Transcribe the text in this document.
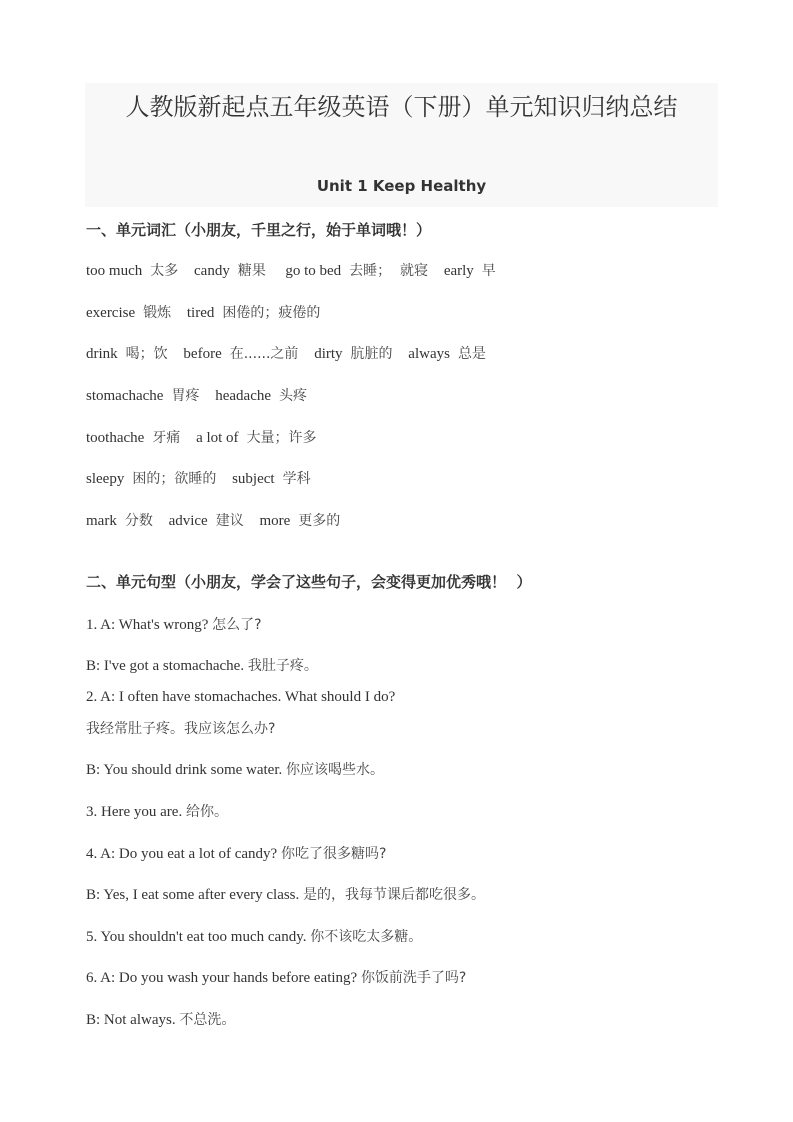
人教版新起点五年级英语（下册）单元知识归纳总结
Unit 1 Keep Healthy
一、单元词汇（小朋友，千里之行，始于单词哦！）
too much 太多 candy 糖果  go to bed 去睡；  就寝 early 早
exercise 锻炼 tired 困倦的；疲倦的
drink 喝；饮 before 在......之前 dirty 肮脏的 always 总是
stomachache 胃疼 headache 头疼
toothache 牙痛 a lot of 大量；许多
sleepy 困的；欲睡的 subject 学科
mark 分数 advice 建议 more 更多的
二、单元句型（小朋友，学会了这些句子，会变得更加优秀哦！  ）
1. A: What's wrong? 怎么了?
B: I've got a stomachache. 我肚子疼。
2. A: I often have stomachaches. What should I do?
我经常肚子疼。我应该怎么办?
B: You should drink some water. 你应该喝些水。
3. Here you are. 给你。
4. A: Do you eat a lot of candy? 你吃了很多糖吗?
B: Yes, I eat some after every class. 是的，我每节课后都吃很多。
5. You shouldn't eat too much candy. 你不该吃太多糖。
6. A: Do you wash your hands before eating? 你饭前洗手了吗?
B: Not always. 不总洗。
